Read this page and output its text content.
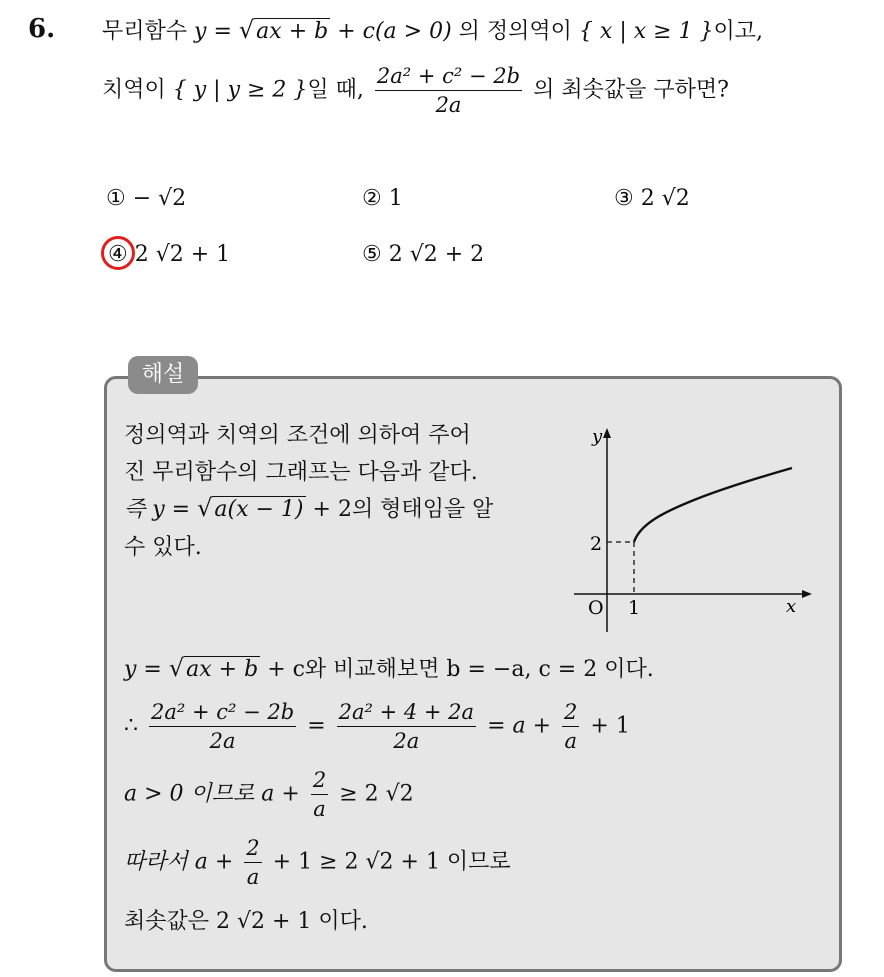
6. 무리함수 y = √ax + b + c(a > 0) 의 정의역이 { x | x ≥ 1 }이고,
치역이 { y | y ≥ 2 }일 때, $\frac{\text{2a² + c² − 2b}}{2a}$ 의 최솟값을 구하면?
① − √2	② 1	③ 2 √2
④ 2 √2 + 1	⑤ 2 √2 + 2
해설
정의역과 치역의 조건에 의하여 주어
진 무리함수의 그래프는 다음과 같다.
즉 y = √a(x − 1) + 2의 형태임을 알
수 있다.
y
x
O 1
2
y = √ax + b + c와 비교해보면 b = −a, c = 2 이다.
∴ $\frac{\text{2a² + c² − 2b}}{2a} = \frac{\text{2a² + 4 + 2a}}{2a} = a + \frac{2}{a} + 1$
a > 0 이므로 $a + \frac{2}{a} \ge 2$ √2
따라서 $a + \frac{2}{a} + 1 \ge 2$ √2 + 1 이므로
최솟값은 2 √2 + 1 이다.
